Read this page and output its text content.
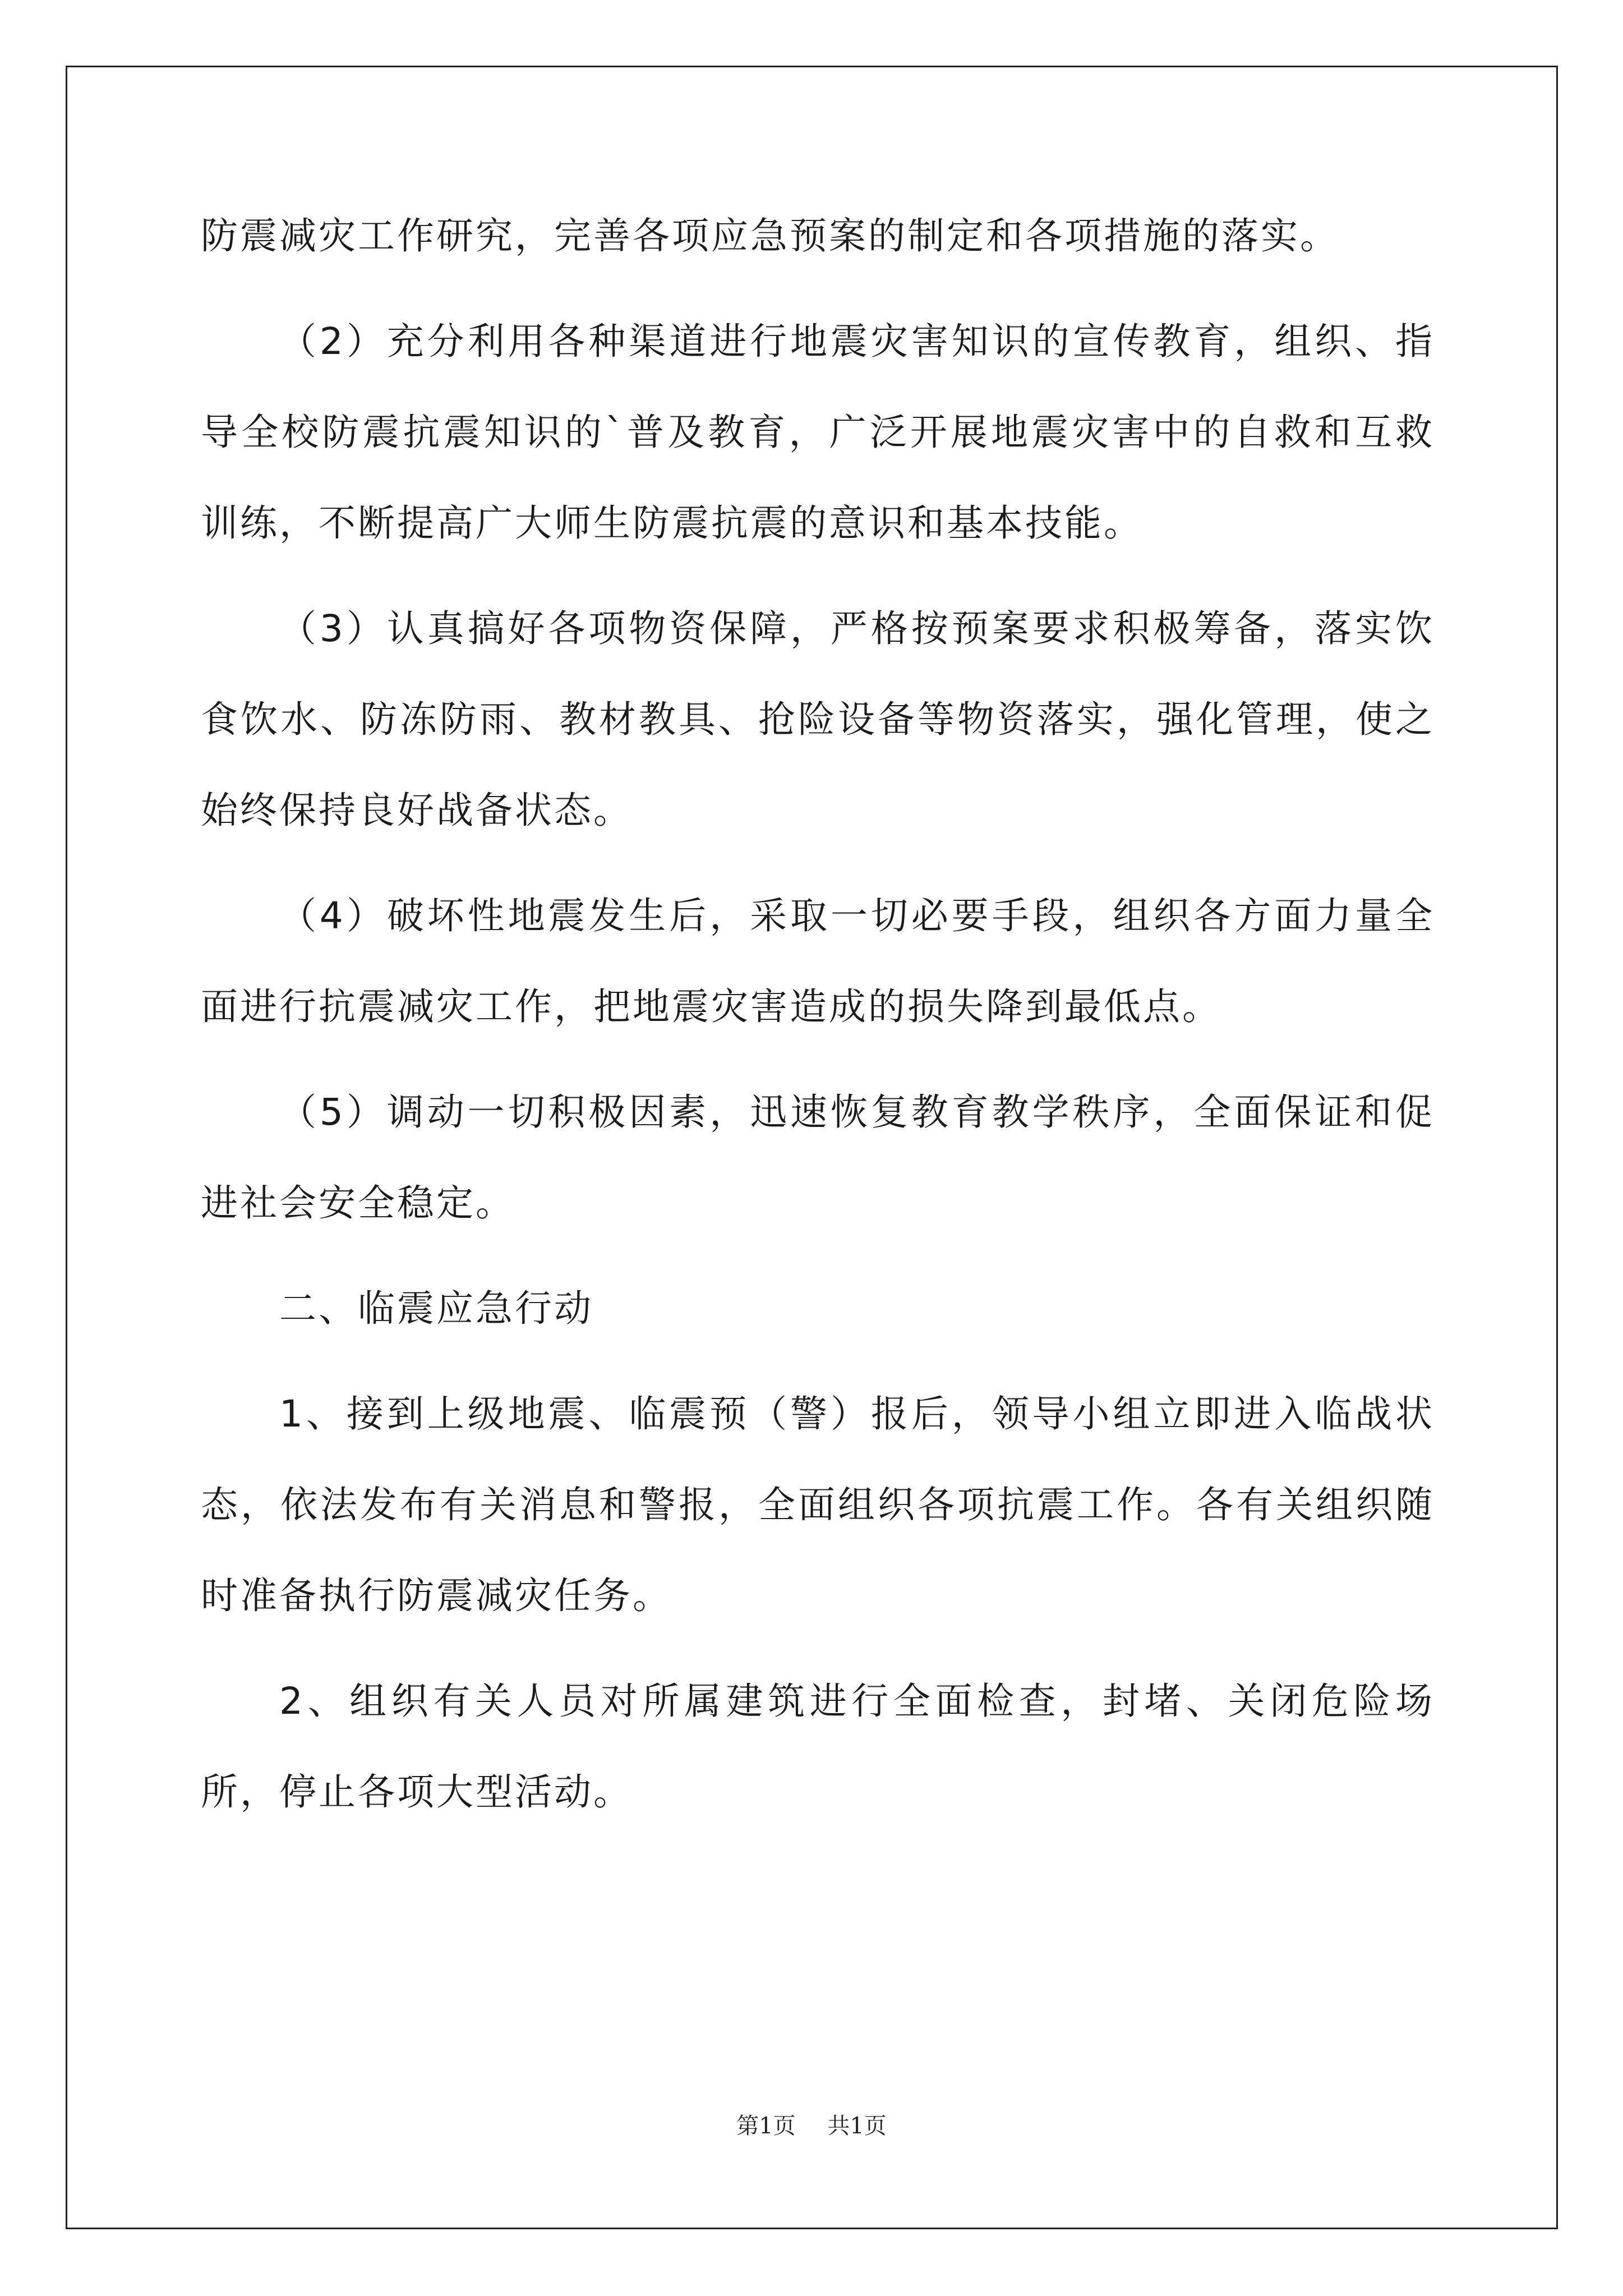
防震减灾工作研究，完善各项应急预案的制定和各项措施的落实。

（2）充分利用各种渠道进行地震灾害知识的宣传教育，组织、指导全校防震抗震知识的`普及教育，广泛开展地震灾害中的自救和互救训练，不断提高广大师生防震抗震的意识和基本技能。

（3）认真搞好各项物资保障，严格按预案要求积极筹备，落实饮食饮水、防冻防雨、教材教具、抢险设备等物资落实，强化管理，使之始终保持良好战备状态。

（4）破坏性地震发生后，采取一切必要手段，组织各方面力量全面进行抗震减灾工作，把地震灾害造成的损失降到最低点。

（5）调动一切积极因素，迅速恢复教育教学秩序，全面保证和促进社会安全稳定。

二、临震应急行动

1、接到上级地震、临震预（警）报后，领导小组立即进入临战状态，依法发布有关消息和警报，全面组织各项抗震工作。各有关组织随时准备执行防震减灾任务。

2、组织有关人员对所属建筑进行全面检查，封堵、关闭危险场所，停止各项大型活动。

第1页 共1页
